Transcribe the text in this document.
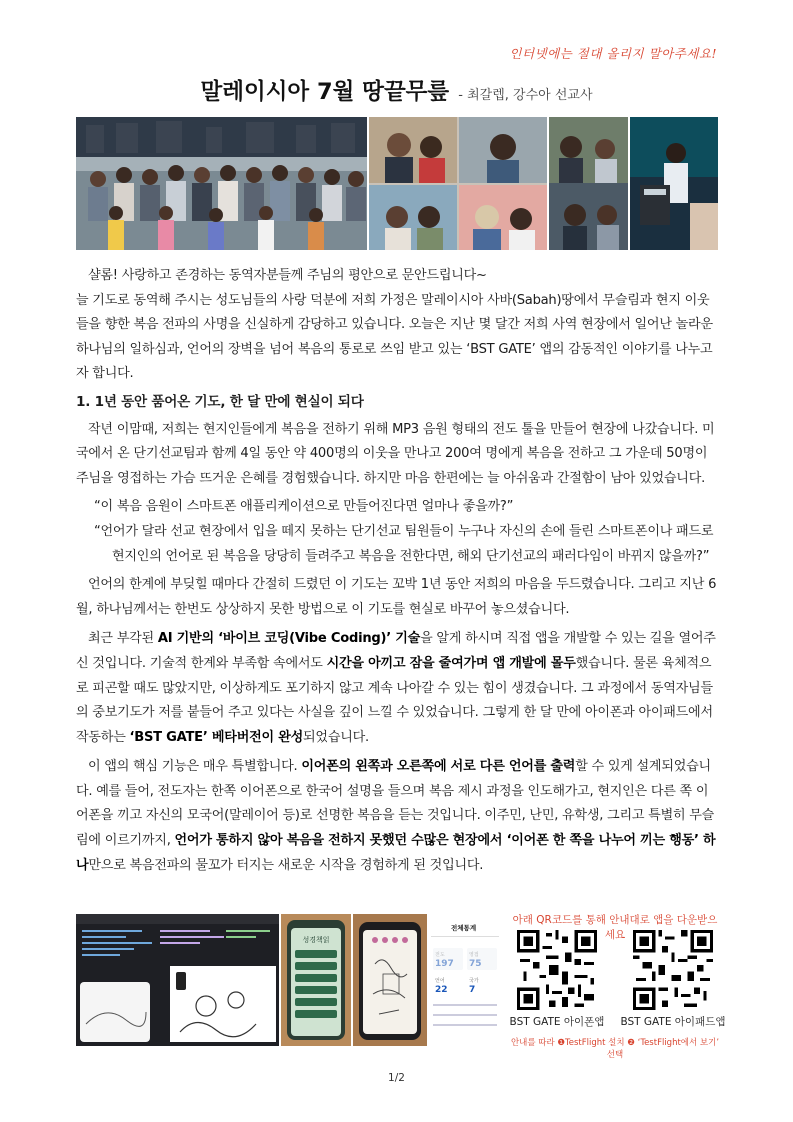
인터넷에는 절대 올리지 말아주세요!
말레이시아 7월 땅끝무릎 - 최갈렙, 강수아 선교사

샬롬! 사랑하고 존경하는 동역자분들께 주님의 평안으로 문안드립니다~

늘 기도로 동역해 주시는 성도님들의 사랑 덕분에 저희 가정은 말레이시아 사바(Sabah)땅에서 무슬림과 현지 이웃들을 향한 복음 전파의 사명을 신실하게 감당하고 있습니다. 오늘은 지난 몇 달간 저희 사역 현장에서 일어난 놀라운 하나님의 일하심과, 언어의 장벽을 넘어 복음의 통로로 쓰임 받고 있는 ‘BST GATE’ 앱의 감동적인 이야기를 나누고자 합니다.

1. 1년 동안 품어온 기도, 한 달 만에 현실이 되다

작년 이맘때, 저희는 현지인들에게 복음을 전하기 위해 MP3 음원 형태의 전도 툴을 만들어 현장에 나갔습니다. 미국에서 온 단기선교팀과 함께 4일 동안 약 400명의 이웃을 만나고 200여 명에게 복음을 전하고 그 가운데 50명이 주님을 영접하는 가슴 뜨거운 은혜를 경험했습니다. 하지만 마음 한편에는 늘 아쉬움과 간절함이 남아 있었습니다.

“이 복음 음원이 스마트폰 애플리케이션으로 만들어진다면 얼마나 좋을까?”

“언어가 달라 선교 현장에서 입을 떼지 못하는 단기선교 팀원들이 누구나 자신의 손에 들린 스마트폰이나 패드로

현지인의 언어로 된 복음을 당당히 들려주고 복음을 전한다면, 해외 단기선교의 패러다임이 바뀌지 않을까?”

언어의 한계에 부딪힐 때마다 간절히 드렸던 이 기도는 꼬박 1년 동안 저희의 마음을 두드렸습니다. 그리고 지난 6월, 하나님께서는 한번도 상상하지 못한 방법으로 이 기도를 현실로 바꾸어 놓으셨습니다.

최근 부각된 AI 기반의 ‘바이브 코딩(Vibe Coding)’ 기술을 알게 하시며 직접 앱을 개발할 수 있는 길을 열어주신 것입니다. 기술적 한계와 부족함 속에서도 시간을 아끼고 잠을 줄여가며 앱 개발에 몰두했습니다. 물론 육체적으로 피곤할 때도 많았지만, 이상하게도 포기하지 않고 계속 나아갈 수 있는 힘이 생겼습니다. 그 과정에서 동역자님들의 중보기도가 저를 붙들어 주고 있다는 사실을 깊이 느낄 수 있었습니다. 그렇게 한 달 만에 아이폰과 아이패드에서 작동하는 ‘BST GATE’ 베타버전이 완성되었습니다.

이 앱의 핵심 기능은 매우 특별합니다. 이어폰의 왼쪽과 오른쪽에 서로 다른 언어를 출력할 수 있게 설계되었습니다. 예를 들어, 전도자는 한쪽 이어폰으로 한국어 설명을 들으며 복음 제시 과정을 인도해가고, 현지인은 다른 쪽 이어폰을 끼고 자신의 모국어(말레이어 등)로 선명한 복음을 듣는 것입니다. 이주민, 난민, 유학생, 그리고 특별히 무슬림에 이르기까지, 언어가 통하지 않아 복음을 전하지 못했던 수많은 현장에서 ‘이어폰 한 쪽을 나누어 끼는 행동’ 하나만으로 복음전파의 물꼬가 터지는 새로운 시작을 경험하게 된 것입니다.

성경책읽
전체통계
언어
22
국가
7
아래 QR코드를 통해 안내대로 앱을 다운받으세요
BST GATE 아이폰앱	BST GATE 아이패드앱
안내를 따라 ❶TestFlight 설치 ❷ ‘TestFlight에서 보기’ 선택
1/2
